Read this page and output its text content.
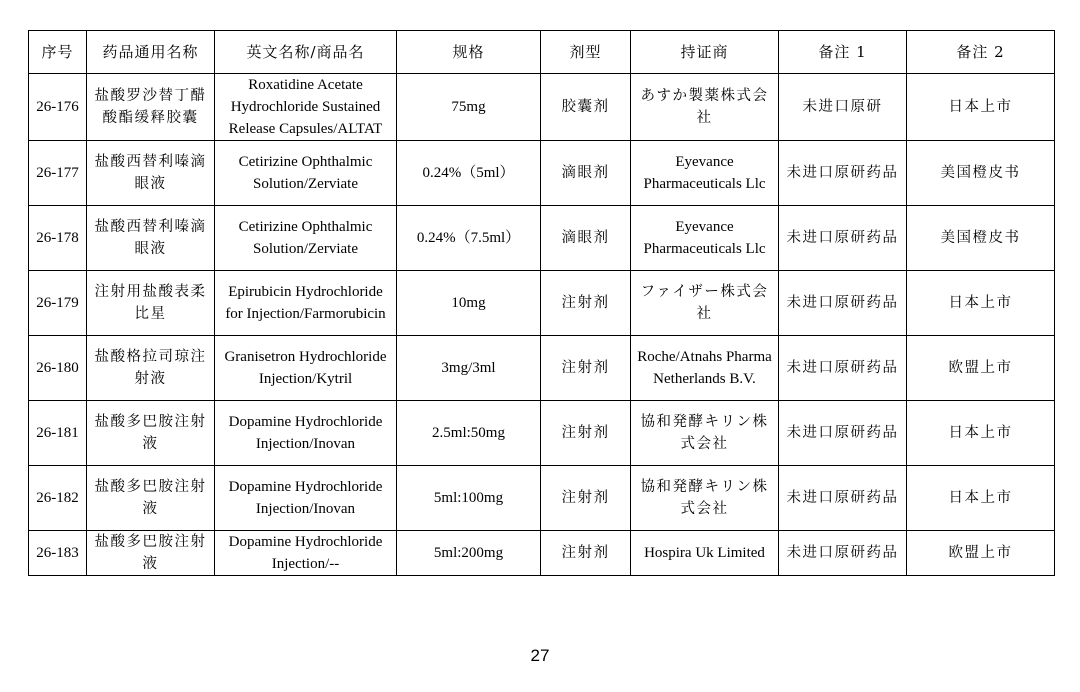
序号	药品通用名称	英文名称/商品名	规格	剂型	持证商	备注 1	备注 2
26-176	盐酸罗沙替丁醋酸酯缓释胶囊	Roxatidine Acetate Hydrochloride Sustained Release Capsules/ALTAT	75mg	胶囊剂	あすか製薬株式会社	未进口原研	日本上市
26-177	盐酸西替利嗪滴眼液	Cetirizine Ophthalmic Solution/Zerviate	0.24%（5ml）	滴眼剂	Eyevance Pharmaceuticals Llc	未进口原研药品	美国橙皮书
26-178	盐酸西替利嗪滴眼液	Cetirizine Ophthalmic Solution/Zerviate	0.24%（7.5ml）	滴眼剂	Eyevance Pharmaceuticals Llc	未进口原研药品	美国橙皮书
26-179	注射用盐酸表柔比星	Epirubicin Hydrochloride for Injection/Farmorubicin	10mg	注射剂	ファイザー株式会社	未进口原研药品	日本上市
26-180	盐酸格拉司琼注射液	Granisetron Hydrochloride Injection/Kytril	3mg/3ml	注射剂	Roche/Atnahs Pharma Netherlands B.V.	未进口原研药品	欧盟上市
26-181	盐酸多巴胺注射液	Dopamine Hydrochloride Injection/Inovan	2.5ml:50mg	注射剂	協和発酵キリン株式会社	未进口原研药品	日本上市
26-182	盐酸多巴胺注射液	Dopamine Hydrochloride Injection/Inovan	5ml:100mg	注射剂	協和発酵キリン株式会社	未进口原研药品	日本上市
26-183	盐酸多巴胺注射液	Dopamine Hydrochloride Injection/--	5ml:200mg	注射剂	Hospira Uk Limited	未进口原研药品	欧盟上市
27
